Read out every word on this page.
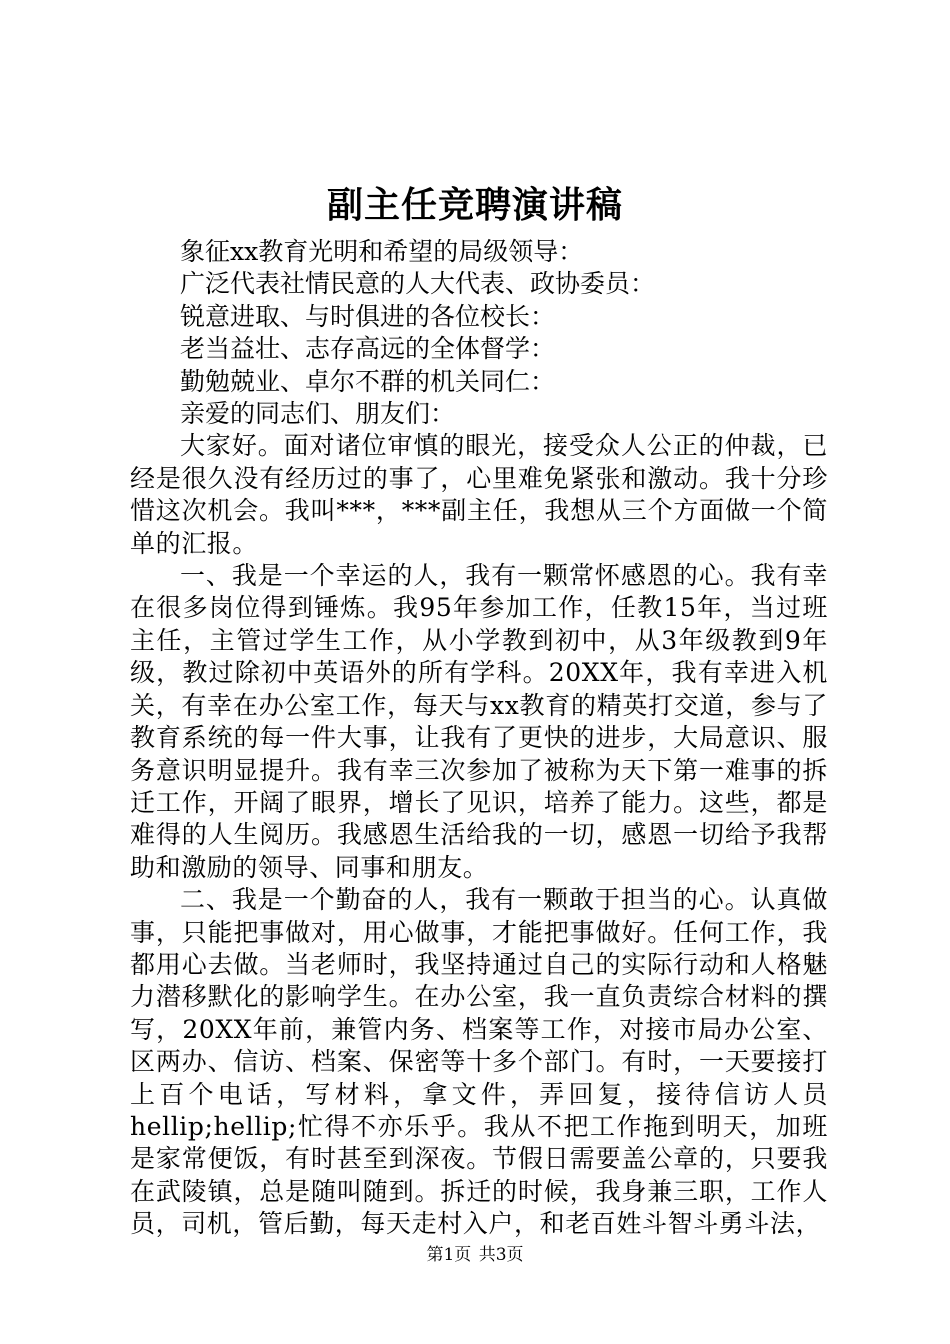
副主任竞聘演讲稿

象征xx教育光明和希望的局级领导：

广泛代表社情民意的人大代表、政协委员：

锐意进取、与时俱进的各位校长：

老当益壮、志存高远的全体督学：

勤勉兢业、卓尔不群的机关同仁：

亲爱的同志们、朋友们：

大家好。面对诸位审慎的眼光，接受众人公正的仲裁，已经是很久没有经历过的事了，心里难免紧张和激动。我十分珍惜这次机会。我叫***，***副主任，我想从三个方面做一个简单的汇报。

一、我是一个幸运的人，我有一颗常怀感恩的心。我有幸在很多岗位得到锤炼。我95年参加工作，任教15年，当过班主任，主管过学生工作，从小学教到初中，从3年级教到9年级，教过除初中英语外的所有学科。20XX年，我有幸进入机关，有幸在办公室工作，每天与xx教育的精英打交道，参与了教育系统的每一件大事，让我有了更快的进步，大局意识、服务意识明显提升。我有幸三次参加了被称为天下第一难事的拆迁工作，开阔了眼界，增长了见识，培养了能力。这些，都是难得的人生阅历。我感恩生活给我的一切，感恩一切给予我帮助和激励的领导、同事和朋友。

二、我是一个勤奋的人，我有一颗敢于担当的心。认真做事，只能把事做对，用心做事，才能把事做好。任何工作，我都用心去做。当老师时，我坚持通过自己的实际行动和人格魅力潜移默化的影响学生。在办公室，我一直负责综合材料的撰写，20XX年前，兼管内务、档案等工作，对接市局办公室、区两办、信访、档案、保密等十多个部门。有时，一天要接打上百个电话，写材料，拿文件，弄回复，接待信访人员hellip;hellip;忙得不亦乐乎。我从不把工作拖到明天，加班是家常便饭，有时甚至到深夜。节假日需要盖公章的，只要我在武陵镇，总是随叫随到。拆迁的时候，我身兼三职，工作人员，司机，管后勤，每天走村入户，和老百姓斗智斗勇斗法，

第1页 共3页
